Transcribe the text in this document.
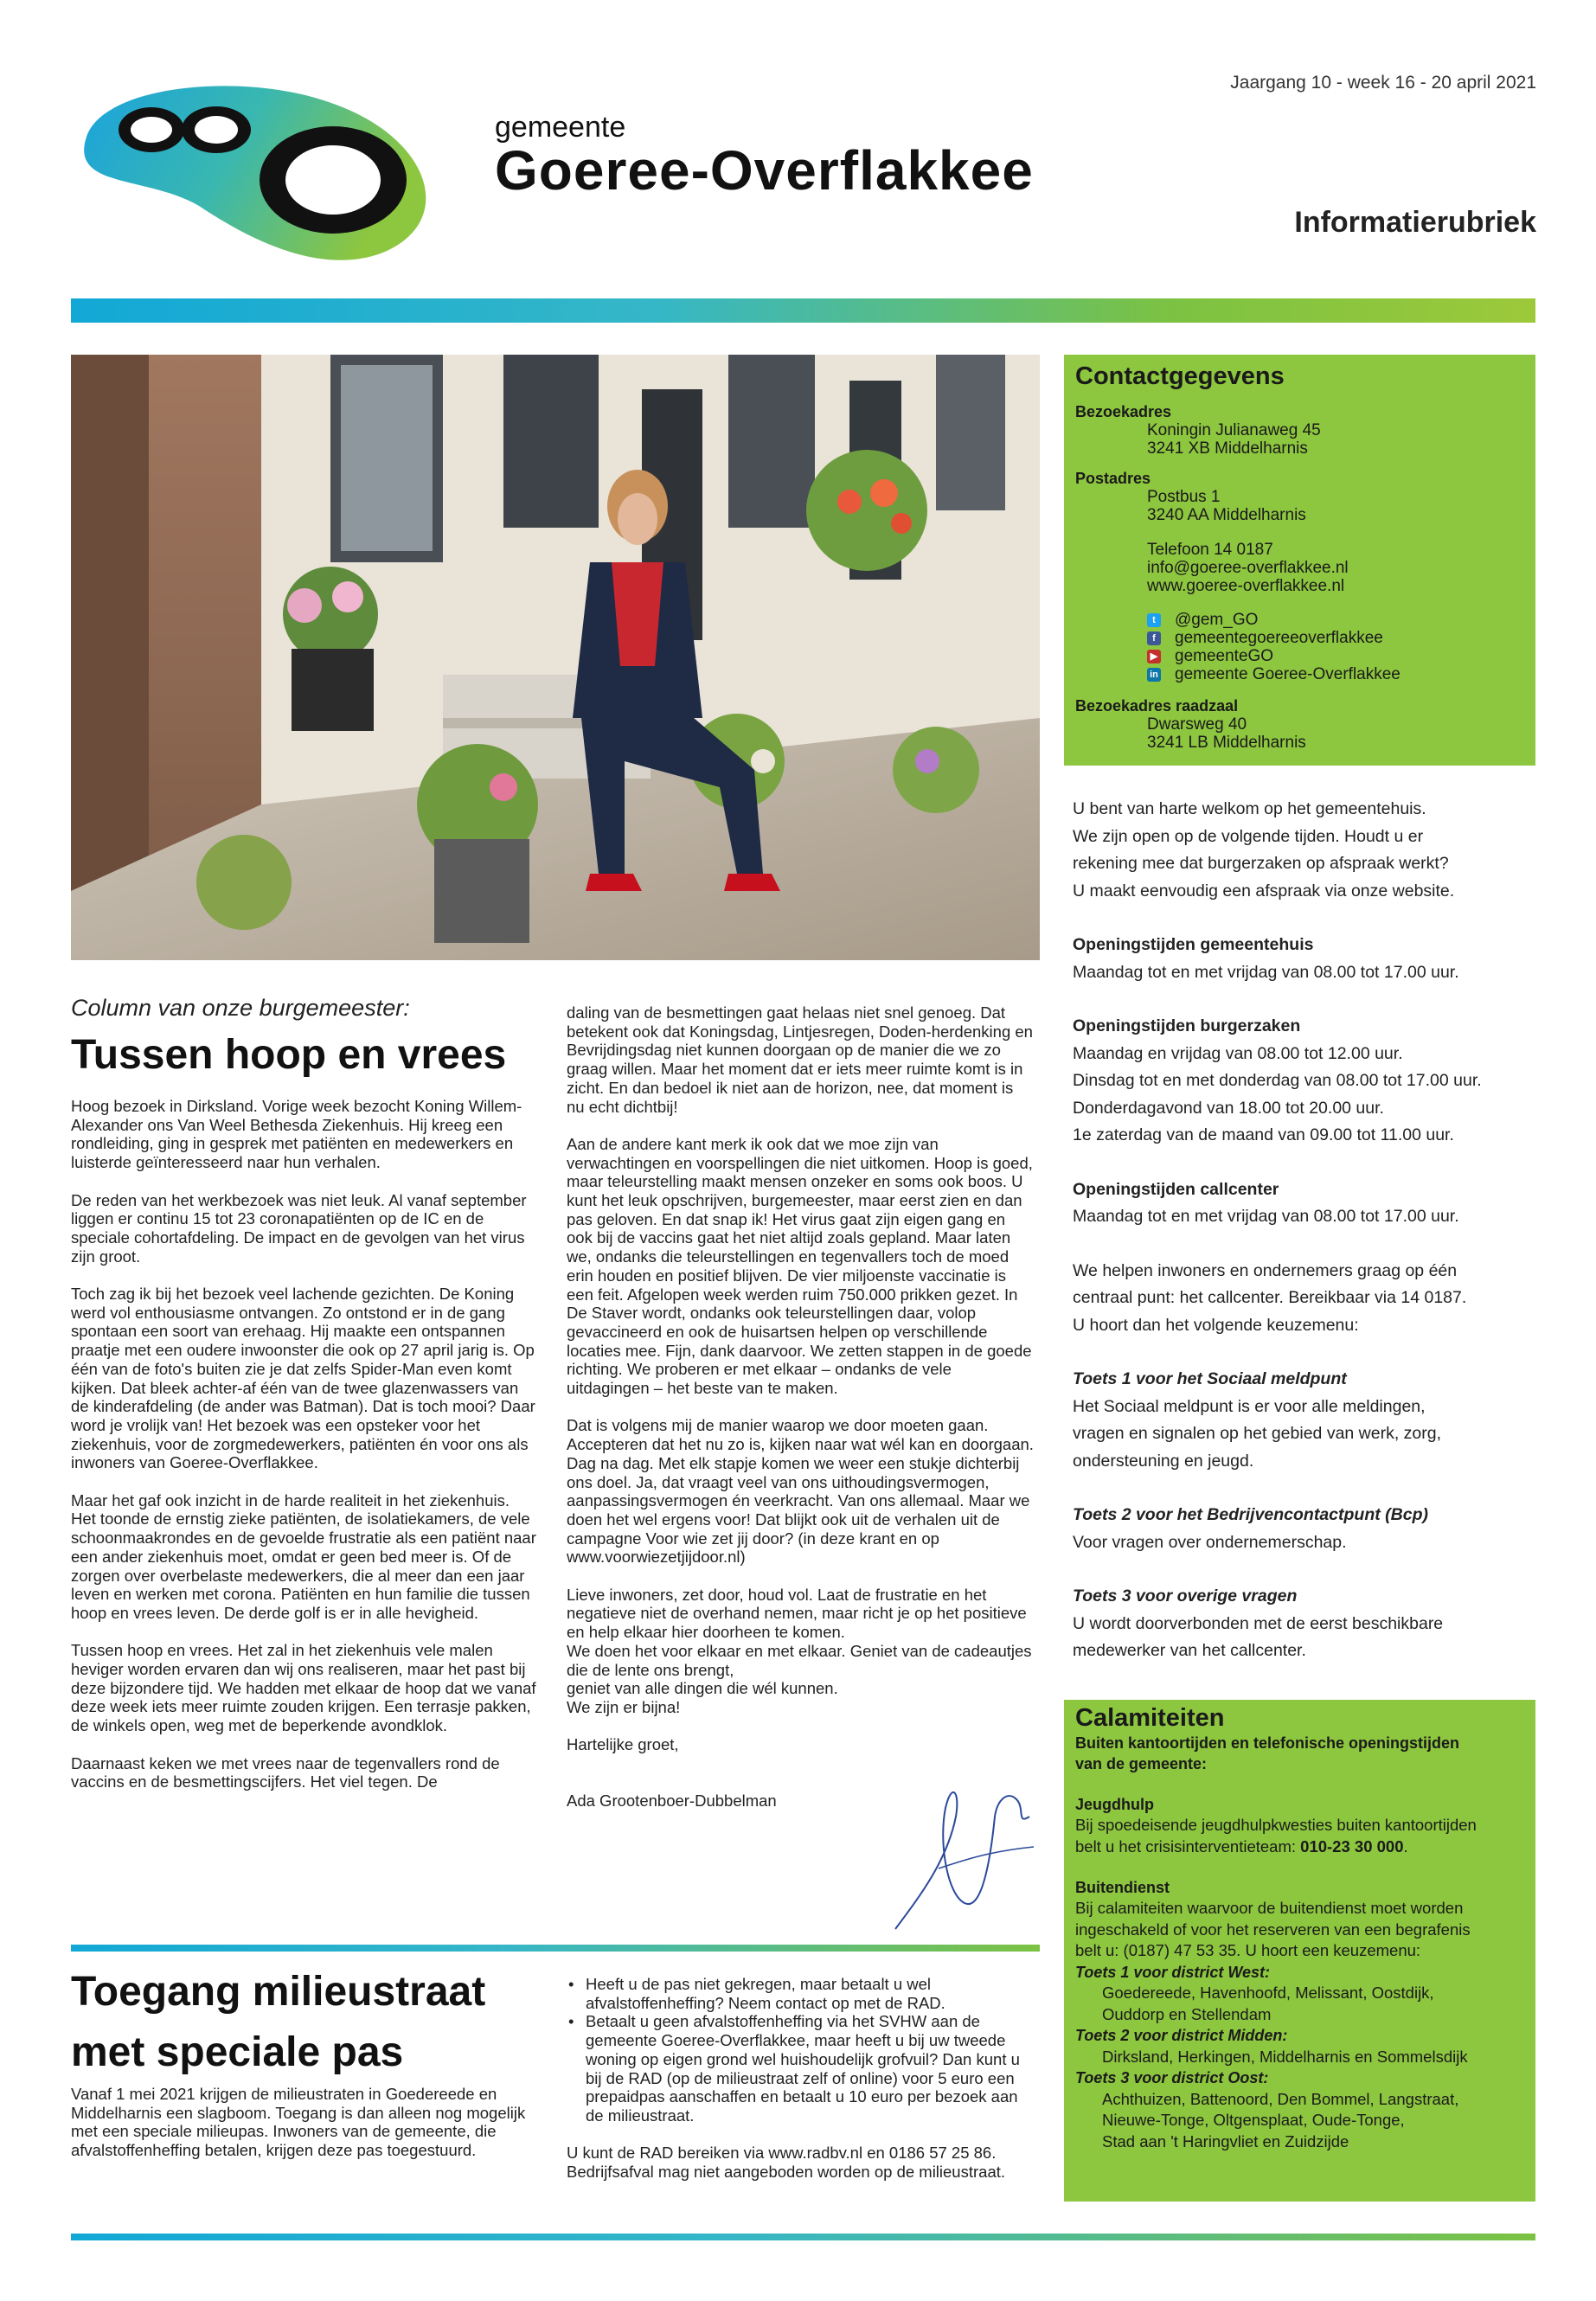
Jaargang 10 - week 16 - 20 april 2021
gemeente
Goeree-Overflakkee
Informatierubriek
Contactgegevens
Bezoekadres
Koningin Julianaweg 45
3241 XB Middelharnis
Postadres
Postbus 1
3240 AA Middelharnis
Telefoon 14 0187
info@goeree-overflakkee.nl
www.goeree-overflakkee.nl
t	@gem_GO
f	gemeentegoereeoverflakkee
▶ gemeenteGO
in gemeente Goeree-Overflakkee
Bezoekadres raadzaal
Dwarsweg 40
3241 LB Middelharnis
U bent van harte welkom op het gemeentehuis.
We zijn open op de volgende tijden. Houdt u er
rekening mee dat burgerzaken op afspraak werkt?
U maakt eenvoudig een afspraak via onze website.
Openingstijden gemeentehuis
Maandag tot en met vrijdag van 08.00 tot 17.00 uur.
Openingstijden burgerzaken
Maandag en vrijdag van 08.00 tot 12.00 uur.
Dinsdag tot en met donderdag van 08.00 tot 17.00 uur.
Donderdagavond van 18.00 tot 20.00 uur.
1e zaterdag van de maand van 09.00 tot 11.00 uur.
Openingstijden callcenter
Maandag tot en met vrijdag van 08.00 tot 17.00 uur.
We helpen inwoners en ondernemers graag op één
centraal punt: het callcenter. Bereikbaar via 14 0187.
U hoort dan het volgende keuzemenu:
Toets 1 voor het Sociaal meldpunt
Het Sociaal meldpunt is er voor alle meldingen,
vragen en signalen op het gebied van werk, zorg,
ondersteuning en jeugd.
Toets 2 voor het Bedrijvencontactpunt (Bcp)
Voor vragen over ondernemerschap.
Toets 3 voor overige vragen
U wordt doorverbonden met de eerst beschikbare
medewerker van het callcenter.
Calamiteiten
Buiten kantoortijden en telefonische openingstijden
van de gemeente:
Jeugdhulp
Bij spoedeisende jeugdhulpkwesties buiten kantoortijden
belt u het crisisinterventieteam: 010-23 30 000.
Buitendienst
Bij calamiteiten waarvoor de buitendienst moet worden
ingeschakeld of voor het reserveren van een begrafenis
belt u: (0187) 47 53 35. U hoort een keuzemenu:
Toets 1 voor district West:
Goedereede, Havenhoofd, Melissant, Oostdijk,
Ouddorp en Stellendam
Toets 2 voor district Midden:
Dirksland, Herkingen, Middelharnis en Sommelsdijk
Toets 3 voor district Oost:
Achthuizen, Battenoord, Den Bommel, Langstraat,
Nieuwe-Tonge, Oltgensplaat, Oude-Tonge,
Stad aan 't Haringvliet en Zuidzijde
Column van onze burgemeester:
Tussen hoop en vrees

Hoog bezoek in Dirksland. Vorige week bezocht Koning Willem-Alexander ons Van Weel Bethesda Ziekenhuis. Hij kreeg een rondleiding, ging in gesprek met patiënten en medewerkers en luisterde geïnteresseerd naar hun verhalen.

De reden van het werkbezoek was niet leuk. Al vanaf september liggen er continu 15 tot 23 coronapatiënten op de IC en de speciale cohortafdeling. De impact en de gevolgen van het virus zijn groot.

Toch zag ik bij het bezoek veel lachende gezichten. De Koning werd vol enthousiasme ontvangen. Zo ontstond er in de gang spontaan een soort van erehaag. Hij maakte een ontspannen praatje met een oudere inwoonster die ook op 27 april jarig is. Op één van de foto's buiten zie je dat zelfs Spider-Man even komt kijken. Dat bleek achter-af één van de twee glazenwassers van de kinderafdeling (de ander was Batman). Dat is toch mooi? Daar word je vrolijk van! Het bezoek was een opsteker voor het ziekenhuis, voor de zorgmedewerkers, patiënten én voor ons als inwoners van Goeree-Overflakkee.

Maar het gaf ook inzicht in de harde realiteit in het ziekenhuis. Het toonde de ernstig zieke patiënten, de isolatiekamers, de vele schoonmaakrondes en de gevoelde frustratie als een patiënt naar een ander ziekenhuis moet, omdat er geen bed meer is. Of de zorgen over overbelaste medewerkers, die al meer dan een jaar leven en werken met corona. Patiënten en hun familie die tussen hoop en vrees leven. De derde golf is er in alle hevigheid.

Tussen hoop en vrees. Het zal in het ziekenhuis vele malen heviger worden ervaren dan wij ons realiseren, maar het past bij deze bijzondere tijd. We hadden met elkaar de hoop dat we vanaf deze week iets meer ruimte zouden krijgen. Een terrasje pakken, de winkels open, weg met de beperkende avondklok.

Daarnaast keken we met vrees naar de tegenvallers rond de vaccins en de besmettingscijfers. Het viel tegen. De

daling van de besmettingen gaat helaas niet snel genoeg. Dat betekent ook dat Koningsdag, Lintjesregen, Doden-herdenking en Bevrijdingsdag niet kunnen doorgaan op de manier die we zo graag willen. Maar het moment dat er iets meer ruimte komt is in zicht. En dan bedoel ik niet aan de horizon, nee, dat moment is nu echt dichtbij!

Aan de andere kant merk ik ook dat we moe zijn van verwachtingen en voorspellingen die niet uitkomen. Hoop is goed, maar teleurstelling maakt mensen onzeker en soms ook boos. U kunt het leuk opschrijven, burgemeester, maar eerst zien en dan pas geloven. En dat snap ik! Het virus gaat zijn eigen gang en ook bij de vaccins gaat het niet altijd zoals gepland. Maar laten we, ondanks die teleurstellingen en tegenvallers toch de moed erin houden en positief blijven. De vier miljoenste vaccinatie is een feit. Afgelopen week werden ruim 750.000 prikken gezet. In De Staver wordt, ondanks ook teleurstellingen daar, volop gevaccineerd en ook de huisartsen helpen op verschillende locaties mee. Fijn, dank daarvoor. We zetten stappen in de goede richting. We proberen er met elkaar – ondanks de vele uitdagingen – het beste van te maken.

Dat is volgens mij de manier waarop we door moeten gaan. Accepteren dat het nu zo is, kijken naar wat wél kan en doorgaan. Dag na dag. Met elk stapje komen we weer een stukje dichterbij ons doel. Ja, dat vraagt veel van ons uithoudingsvermogen, aanpassingsvermogen én veerkracht. Van ons allemaal. Maar we doen het wel ergens voor! Dat blijkt ook uit de verhalen uit de campagne Voor wie zet jij door? (in deze krant en op www.voorwiezetjijdoor.nl)

Lieve inwoners, zet door, houd vol. Laat de frustratie en het negatieve niet de overhand nemen, maar richt je op het positieve en help elkaar hier doorheen te komen.
We doen het voor elkaar en met elkaar. Geniet van de cadeautjes die de lente ons brengt,
geniet van alle dingen die wél kunnen.

We zijn er bijna!

Hartelijke groet,

Ada Grootenboer-Dubbelman

Toegang milieustraat
met speciale pas
Vanaf 1 mei 2021 krijgen de milieustraten in Goedereede en Middelharnis een slagboom. Toegang is dan alleen nog mogelijk met een speciale milieupas. Inwoners van de gemeente, die afvalstoffenheffing betalen, krijgen deze pas toegestuurd.
• Heeft u de pas niet gekregen, maar betaalt u wel afvalstoffenheffing? Neem contact op met de RAD.
• Betaalt u geen afvalstoffenheffing via het SVHW aan de gemeente Goeree-Overflakkee, maar heeft u bij uw tweede woning op eigen grond wel huishoudelijk grofvuil? Dan kunt u bij de RAD (op de milieustraat zelf of online) voor 5 euro een prepaidpas aanschaffen en betaalt u 10 euro per bezoek aan de milieustraat.

U kunt de RAD bereiken via www.radbv.nl en 0186 57 25 86. Bedrijfsafval mag niet aangeboden worden op de milieustraat.
